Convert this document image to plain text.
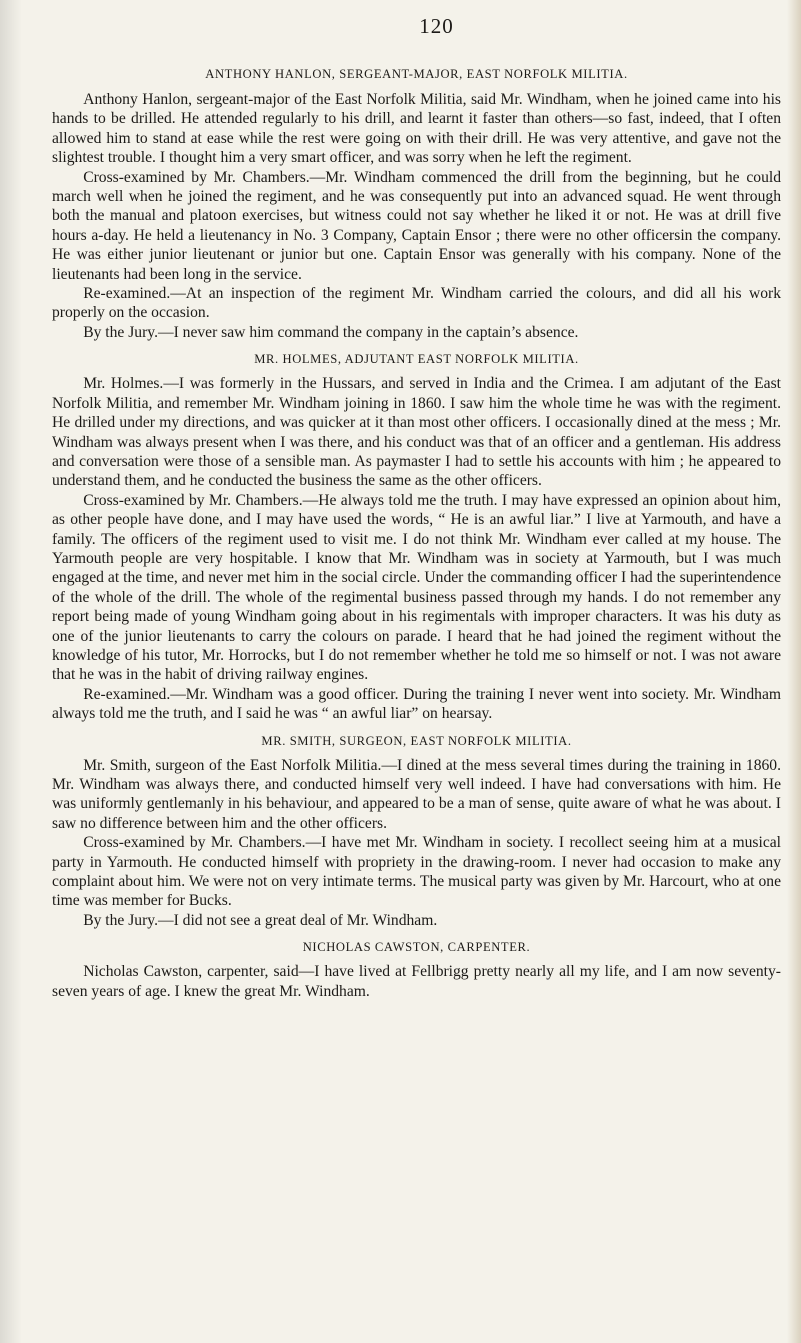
120
ANTHONY HANLON, SERGEANT-MAJOR, EAST NORFOLK MILITIA.

Anthony Hanlon, sergeant-major of the East Norfolk Militia, said Mr. Windham, when he joined came into his hands to be drilled. He attended regularly to his drill, and learnt it faster than others—so fast, indeed, that I often allowed him to stand at ease while the rest were going on with their drill. He was very attentive, and gave not the slightest trouble. I thought him a very smart officer, and was sorry when he left the regiment.

Cross-examined by Mr. Chambers.—Mr. Windham commenced the drill from the beginning, but he could march well when he joined the regiment, and he was consequently put into an advanced squad. He went through both the manual and platoon exercises, but witness could not say whether he liked it or not. He was at drill five hours a-day. He held a lieutenancy in No. 3 Company, Captain Ensor ; there were no other officersin the company. He was either junior lieutenant or junior but one. Captain Ensor was generally with his company. None of the lieutenants had been long in the service.

Re-examined.—At an inspection of the regiment Mr. Windham carried the colours, and did all his work properly on the occasion.

By the Jury.—I never saw him command the company in the captain’s absence.

MR. HOLMES, ADJUTANT EAST NORFOLK MILITIA.

Mr. Holmes.—I was formerly in the Hussars, and served in India and the Crimea. I am adjutant of the East Norfolk Militia, and remember Mr. Windham joining in 1860. I saw him the whole time he was with the regiment. He drilled under my directions, and was quicker at it than most other officers. I occasionally dined at the mess ; Mr. Windham was always present when I was there, and his conduct was that of an officer and a gentleman. His address and conversation were those of a sensible man. As paymaster I had to settle his accounts with him ; he appeared to understand them, and he conducted the business the same as the other officers.

Cross-examined by Mr. Chambers.—He always told me the truth. I may have expressed an opinion about him, as other people have done, and I may have used the words, “ He is an awful liar.” I live at Yarmouth, and have a family. The officers of the regiment used to visit me. I do not think Mr. Windham ever called at my house. The Yarmouth people are very hospitable. I know that Mr. Windham was in society at Yarmouth, but I was much engaged at the time, and never met him in the social circle. Under the commanding officer I had the superintendence of the whole of the drill. The whole of the regimental business passed through my hands. I do not remember any report being made of young Windham going about in his regimentals with improper characters. It was his duty as one of the junior lieutenants to carry the colours on parade. I heard that he had joined the regiment without the knowledge of his tutor, Mr. Horrocks, but I do not remember whether he told me so himself or not. I was not aware that he was in the habit of driving railway engines.

Re-examined.—Mr. Windham was a good officer. During the training I never went into society. Mr. Windham always told me the truth, and I said he was “ an awful liar” on hearsay.

MR. SMITH, SURGEON, EAST NORFOLK MILITIA.

Mr. Smith, surgeon of the East Norfolk Militia.—I dined at the mess several times during the training in 1860. Mr. Windham was always there, and conducted himself very well indeed. I have had conversations with him. He was uniformly gentlemanly in his behaviour, and appeared to be a man of sense, quite aware of what he was about. I saw no difference between him and the other officers.

Cross-examined by Mr. Chambers.—I have met Mr. Windham in society. I recollect seeing him at a musical party in Yarmouth. He conducted himself with propriety in the drawing-room. I never had occasion to make any complaint about him. We were not on very intimate terms. The musical party was given by Mr. Harcourt, who at one time was member for Bucks.

By the Jury.—I did not see a great deal of Mr. Windham.

NICHOLAS CAWSTON, CARPENTER.

Nicholas Cawston, carpenter, said—I have lived at Fellbrigg pretty nearly all my life, and I am now seventy-seven years of age. I knew the great Mr. Windham.
